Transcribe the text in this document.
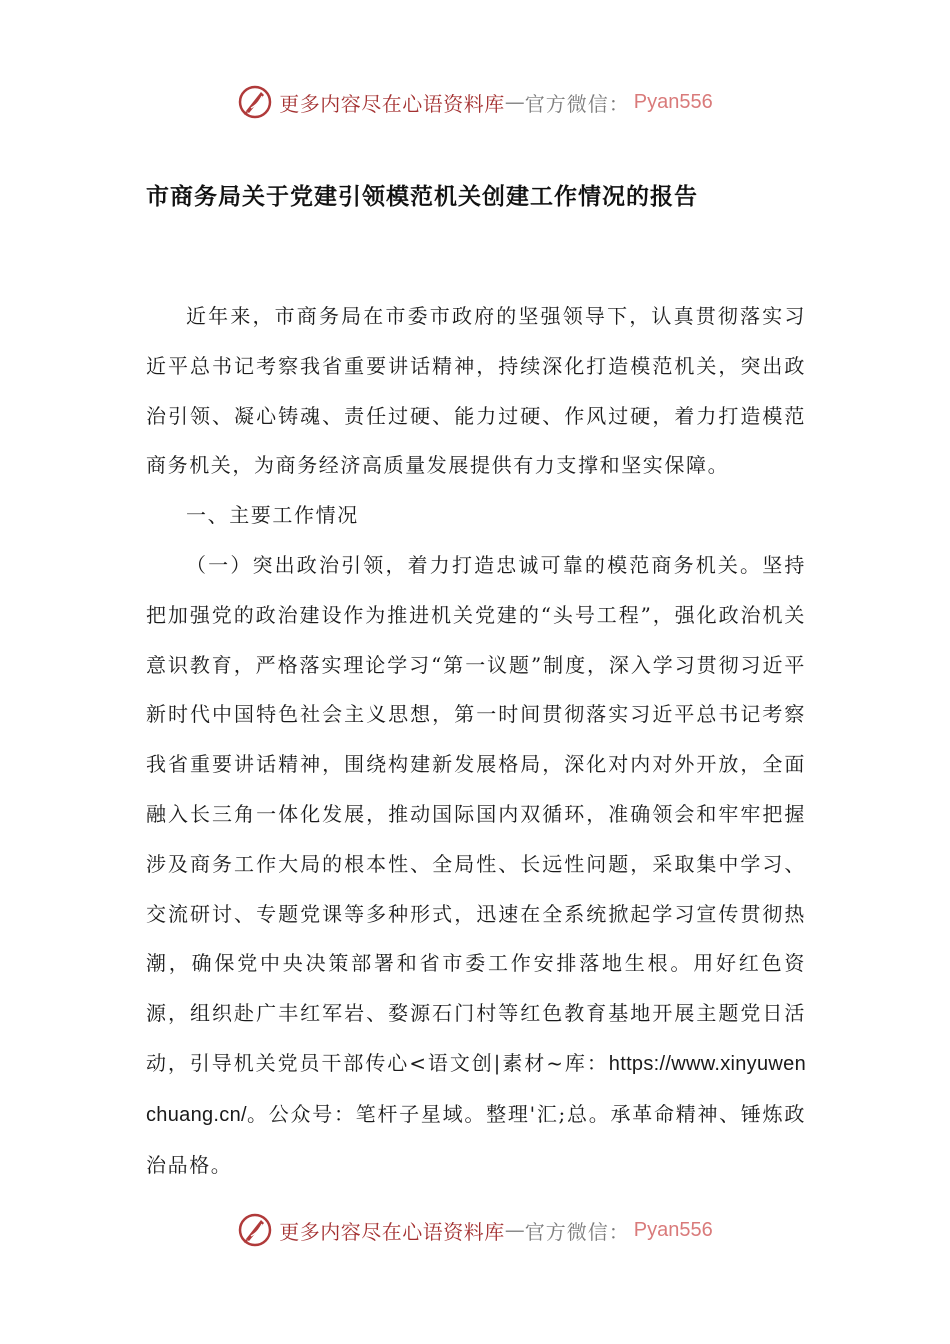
更多内容尽在心语资料库 — 官方微信： Pyan556
市商务局关于党建引领模范机关创建工作情况的报告

近年来，市商务局在市委市政府的坚强领导下，认真贯彻落实习近平总书记考察我省重要讲话精神，持续深化打造模范机关，突出政治引领、凝心铸魂、责任过硬、能力过硬、作风过硬，着力打造模范商务机关，为商务经济高质量发展提供有力支撑和坚实保障。

一、主要工作情况

（一）突出政治引领，着力打造忠诚可靠的模范商务机关。坚持把加强党的政治建设作为推进机关党建的“头号工程”，强化政治机关意识教育，严格落实理论学习“第一议题”制度，深入学习贯彻习近平新时代中国特色社会主义思想，第一时间贯彻落实习近平总书记考察我省重要讲话精神，围绕构建新发展格局，深化对内对外开放，全面融入长三角一体化发展，推动国际国内双循环，准确领会和牢牢把握涉及商务工作大局的根本性、全局性、长远性问题，采取集中学习、交流研讨、专题党课等多种形式，迅速在全系统掀起学习宣传贯彻热潮，确保党中央决策部署和省市委工作安排落地生根。用好红色资源，组织赴广丰红军岩、婺源石门村等红色教育基地开展主题党日活动，引导机关党员干部传心<语文创|素材~库：https://www.xinyuwenchuang.cn/。公众号：笔杆子星域。整理'汇;总。承革命精神、锤炼政治品格。

更多内容尽在心语资料库 — 官方微信： Pyan556
